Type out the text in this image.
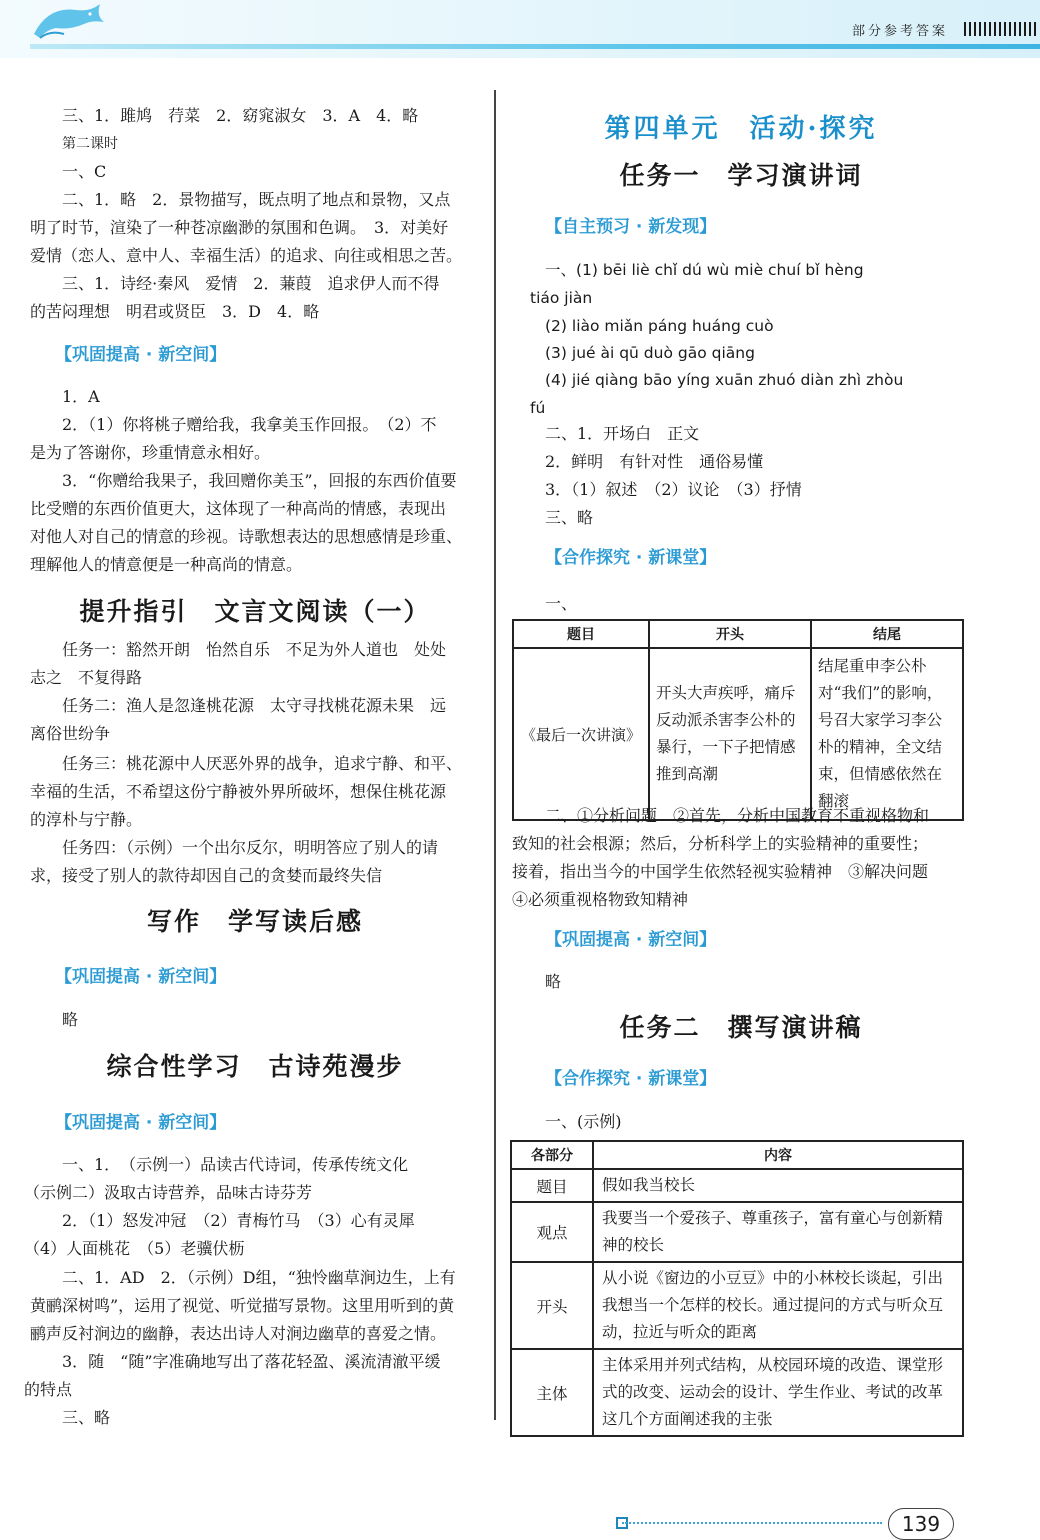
部分参考答案

三、1．雎鸠　荇菜　2．窈窕淑女　3．A　4．略

第二课时

一、C

二、1．略　2．景物描写，既点明了地点和景物，又点

明了时节，渲染了一种苍凉幽渺的氛围和色调。　3．对美好

爱情（恋人、意中人、幸福生活）的追求、向往或相思之苦。

三、1．诗经·秦风　爱情　2．蒹葭　追求伊人而不得

的苦闷理想　明君或贤臣　3．D　4．略

【巩固提高 · 新空间】

1．A

2．（1）你将桃子赠给我，我拿美玉作回报。　（2）不

是为了答谢你，珍重情意永相好。

3．“你赠给我果子，我回赠你美玉”，回报的东西价值要

比受赠的东西价值更大，这体现了一种高尚的情感，表现出

对他人对自己的情意的珍视。诗歌想表达的思想感情是珍重、

理解他人的情意便是一种高尚的情意。

提升指引　文言文阅读（一）

任务一：豁然开朗　怡然自乐　不足为外人道也　处处

志之　不复得路

任务二：渔人是忽逢桃花源　太守寻找桃花源未果　远

离俗世纷争

任务三：桃花源中人厌恶外界的战争，追求宁静、和平、

幸福的生活，不希望这份宁静被外界所破坏，想保住桃花源

的淳朴与宁静。

任务四：（示例）一个出尔反尔，明明答应了别人的请

求，接受了别人的款待却因自己的贪婪而最终失信

写作　学写读后感
【巩固提高 · 新空间】

略

综合性学习　古诗苑漫步
【巩固提高 · 新空间】

一、1．　（示例一）品读古代诗词，传承传统文化

（示例二）汲取古诗营养，品味古诗芬芳

2．（1）怒发冲冠　（2）青梅竹马　（3）心有灵犀

（4）人面桃花　（5）老骥伏枥

二、1．AD　2．（示例）D组，“独怜幽草涧边生，上有

黄鹂深树鸣”，运用了视觉、听觉描写景物。这里用听到的黄

鹂声反衬涧边的幽静，表达出诗人对涧边幽草的喜爱之情。

3．随　“随”字准确地写出了落花轻盈、溪流清澈平缓

的特点

三、略

第四单元　活动·探究
任务一　学习演讲词
【自主预习 · 新发现】

一、(1) bēi liè chǐ dú wù miè chuí bǐ hèng

tiáo jiàn

(2) liào miǎn páng huáng cuò

(3) jué ài qū duò gāo qiāng

(4) jié qiàng bāo yíng xuān zhuó diàn zhì zhòu

fú

二、1．开场白　正文

2．鲜明　有针对性　通俗易懂

3．（1）叙述　（2）议论　（3）抒情

三、略

【合作探究 · 新课堂】

一、

题目	开头	结尾
《最后一次讲演》	开头大声疾呼，痛斥反动派杀害李公朴的暴行，一下子把情感推到高潮	结尾重申李公朴对“我们”的影响，号召大家学习李公朴的精神，全文结束，但情感依然在翻滚

二、①分析问题　②首先，分析中国教育不重视格物和

致知的社会根源；然后，分析科学上的实验精神的重要性；

接着，指出当今的中国学生依然轻视实验精神　③解决问题

④必须重视格物致知精神

【巩固提高 · 新空间】

略

任务二　撰写演讲稿
【合作探究 · 新课堂】

一、(示例)

各部分	内容
题目	假如我当校长
观点	我要当一个爱孩子、尊重孩子，富有童心与创新精神的校长
开头	从小说《窗边的小豆豆》中的小林校长谈起，引出我想当一个怎样的校长。通过提问的方式与听众互动，拉近与听众的距离
主体	主体采用并列式结构，从校园环境的改造、课堂形式的改变、运动会的设计、学生作业、考试的改革这几个方面阐述我的主张
139
